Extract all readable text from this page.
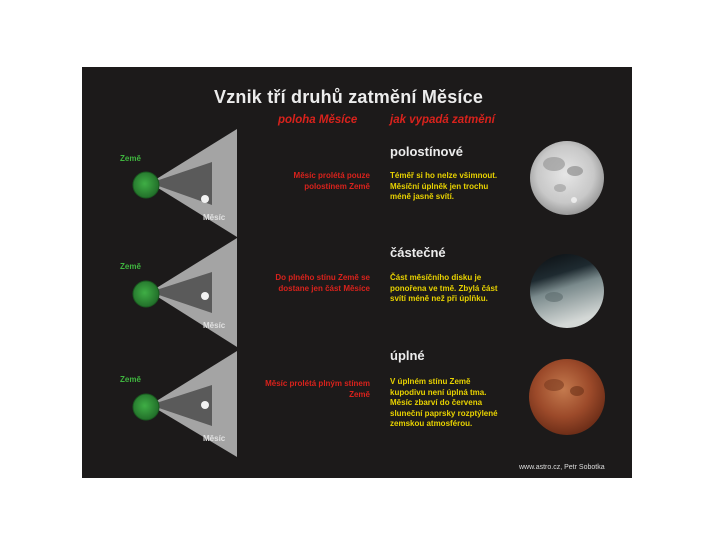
Vznik tří druhů zatmění Měsíce
poloha Měsíce	jak vypadá zatmění
Země
Měsíc
Země
Měsíc
Země
Měsíc
polostínové
Měsíc prolétá pouze polostínem Země
Téměř si ho nelze všimnout. Měsíční úplněk jen trochu méně jasně svítí.
částečné
Do plného stínu Země se dostane jen část Měsíce
Část měsíčního disku je ponořena ve tmě. Zbylá část svítí méně než při úplňku.
úplné
Měsíc prolétá plným stínem Země
V úplném stínu Země kupodivu není úplná tma. Měsíc zbarví do červena sluneční paprsky rozptýlené zemskou atmosférou.
www.astro.cz, Petr Sobotka
